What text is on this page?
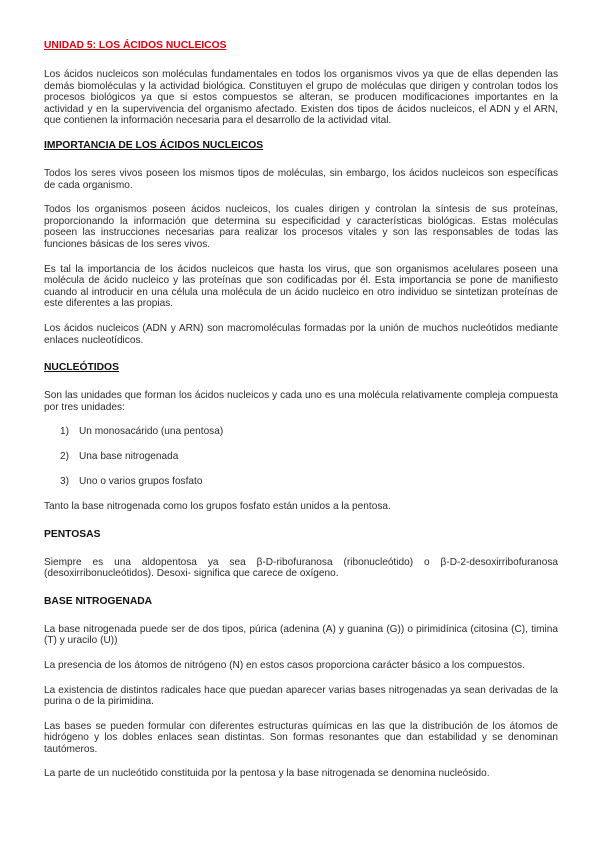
UNIDAD 5: LOS ÁCIDOS NUCLEICOS

Los ácidos nucleicos son moléculas fundamentales en todos los organismos vivos ya que de ellas dependen las demás biomoléculas y la actividad biológica. Constituyen el grupo de moléculas que dirigen y controlan todos los procesos biológicos ya que si estos compuestos se alteran, se producen modificaciones importantes en la actividad y en la supervivencia del organismo afectado. Existen dos tipos de ácidos nucleicos, el ADN y el ARN, que contienen la información necesaria para el desarrollo de la actividad vital.

IMPORTANCIA DE LOS ÁCIDOS NUCLEICOS

Todos los seres vivos poseen los mismos tipos de moléculas, sin embargo, los ácidos nucleicos son específicas de cada organismo.

Todos los organismos poseen ácidos nucleicos, los cuales dirigen y controlan la síntesis de sus proteínas, proporcionando la información que determina su especificidad y características biológicas. Estas moléculas poseen las instrucciones necesarias para realizar los procesos vitales y son las responsables de todas las funciones básicas de los seres vivos.

Es tal la importancia de los ácidos nucleicos que hasta los virus, que son organismos acelulares poseen una molécula de ácido nucleico y las proteínas que son codificadas por él. Esta importancia se pone de manifiesto cuando al introducir en una célula una molécula de un ácido nucleico en otro individuo se sintetizan proteínas de este diferentes a las propias.

Los ácidos nucleicos (ADN y ARN) son macromoléculas formadas por la unión de muchos nucleótidos mediante enlaces nucleotídicos.

NUCLEÓTIDOS

Son las unidades que forman los ácidos nucleicos y cada uno es una molécula relativamente compleja compuesta por tres unidades:

1) Un monosacárido (una pentosa)
2) Una base nitrogenada
3) Uno o varios grupos fosfato

Tanto la base nitrogenada como los grupos fosfato están unidos a la pentosa.

PENTOSAS

Siempre es una aldopentosa ya sea β-D-ribofuranosa (ribonucleótido) o β-D-2-desoxirribofuranosa (desoxirribonucleótidos). Desoxi- significa que carece de oxígeno.

BASE NITROGENADA

La base nitrogenada puede ser de dos tipos, púrica (adenina (A) y guanina (G)) o pirimidínica (citosina (C), timina (T) y uracilo (U))

La presencia de los átomos de nitrógeno (N) en estos casos proporciona carácter básico a los compuestos.

La existencia de distintos radicales hace que puedan aparecer varias bases nitrogenadas ya sean derivadas de la purina o de la pirimidina.

Las bases se pueden formular con diferentes estructuras químicas en las que la distribución de los átomos de hidrógeno y los dobles enlaces sean distintas. Son formas resonantes que dan estabilidad y se denominan tautómeros.

La parte de un nucleótido constituida por la pentosa y la base nitrogenada se denomina nucleósido.
